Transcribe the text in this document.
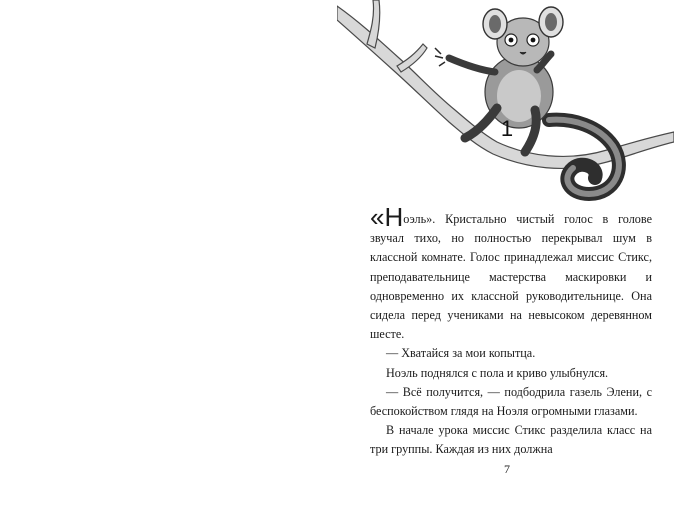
1

«Ноэль». Кристально чистый голос в голове звучал тихо, но полностью перекрывал шум в классной комнате. Голос принадлежал миссис Стикс, преподавательнице мастерства маскировки и одновременно их классной руководительнице. Она сидела перед учениками на невысоком деревянном шесте.

— Хватайся за мои копытца.

Ноэль поднялся с пола и криво улыбнулся.

— Всё получится, — подбодрила газель Элени, с беспокойством глядя на Ноэля огромными глазами.

В начале урока миссис Стикс разделила класс на три группы. Каждая из них должна

7
